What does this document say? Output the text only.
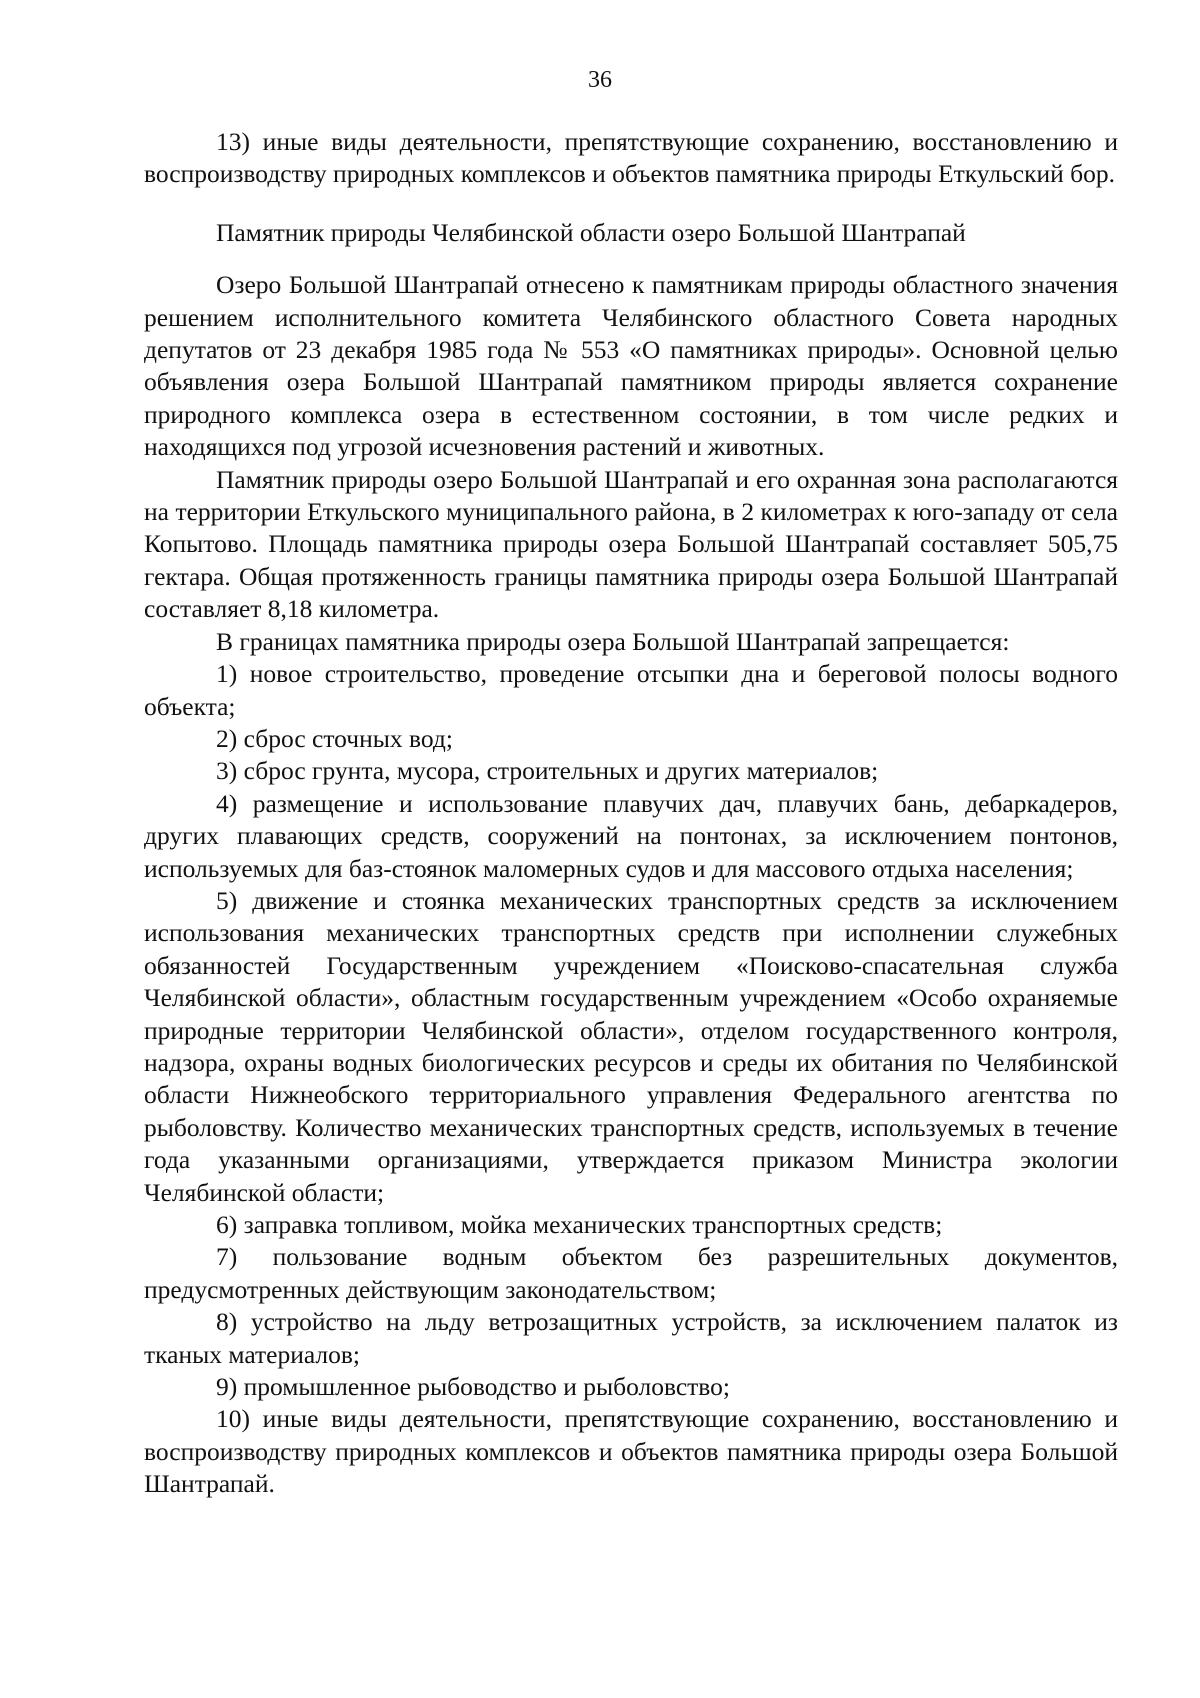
36

13) иные виды деятельности, препятствующие сохранению, восстановлению и воспроизводству природных комплексов и объектов памятника природы Еткульский бор.

Памятник природы Челябинской области озеро Большой Шантрапай

Озеро Большой Шантрапай отнесено к памятникам природы областного значения решением исполнительного комитета Челябинского областного Совета народных депутатов от 23 декабря 1985 года № 553 «О памятниках природы». Основной целью объявления озера Большой Шантрапай памятником природы является сохранение природного комплекса озера в естественном состоянии, в том числе редких и находящихся под угрозой исчезновения растений и животных.

Памятник природы озеро Большой Шантрапай и его охранная зона располагаются на территории Еткульского муниципального района, в 2 километрах к юго-западу от села Копытово. Площадь памятника природы озера Большой Шантрапай составляет 505,75 гектара. Общая протяженность границы памятника природы озера Большой Шантрапай составляет 8,18 километра.

В границах памятника природы озера Большой Шантрапай запрещается:

1) новое строительство, проведение отсыпки дна и береговой полосы водного объекта;

2) сброс сточных вод;

3) сброс грунта, мусора, строительных и других материалов;

4) размещение и использование плавучих дач, плавучих бань, дебаркадеров, других плавающих средств, сооружений на понтонах, за исключением понтонов, используемых для баз-стоянок маломерных судов и для массового отдыха населения;

5) движение и стоянка механических транспортных средств за исключением использования механических транспортных средств при исполнении служебных обязанностей Государственным учреждением «Поисково-спасательная служба Челябинской области», областным государственным учреждением «Особо охраняемые природные территории Челябинской области», отделом государственного контроля, надзора, охраны водных биологических ресурсов и среды их обитания по Челябинской области Нижнеобского территориального управления Федерального агентства по рыболовству. Количество механических транспортных средств, используемых в течение года указанными организациями, утверждается приказом Министра экологии Челябинской области;

6) заправка топливом, мойка механических транспортных средств;

7) пользование водным объектом без разрешительных документов, предусмотренных действующим законодательством;

8) устройство на льду ветрозащитных устройств, за исключением палаток из тканых материалов;

9) промышленное рыбоводство и рыболовство;

10) иные виды деятельности, препятствующие сохранению, восстановлению и воспроизводству природных комплексов и объектов памятника природы озера Большой Шантрапай.
